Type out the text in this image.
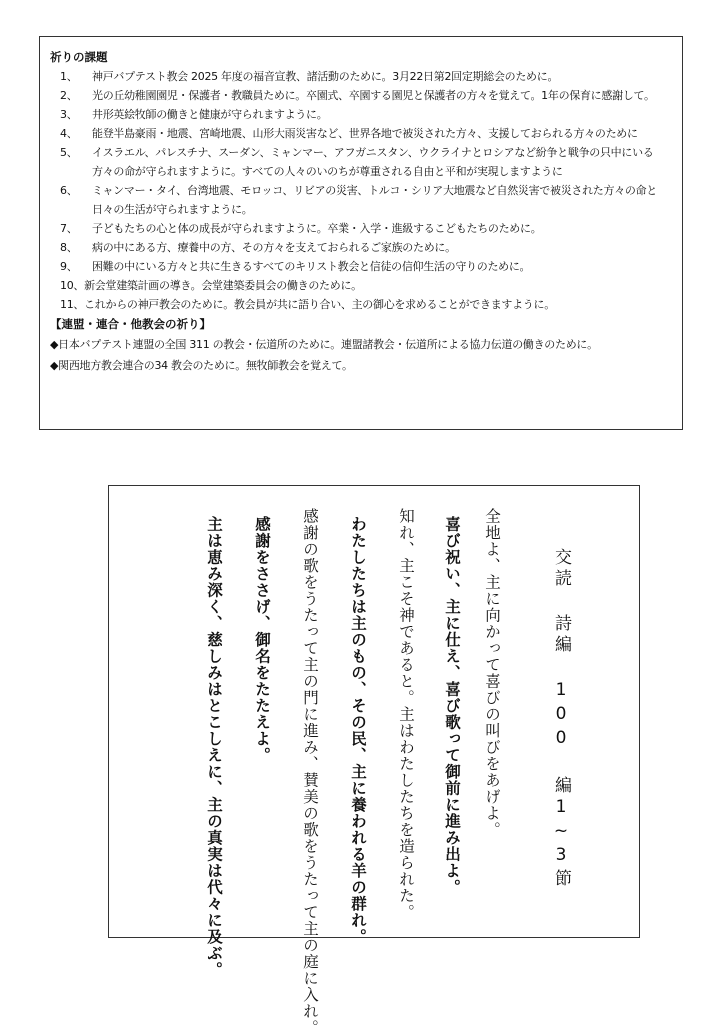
祈りの課題
1、	神戸バプテスト教会 2025 年度の福音宣教、諸活動のために。3月22日第2回定期総会のために。
2、	光の丘幼稚園園児・保護者・教職員ために。卒園式、卒園する園児と保護者の方々を覚えて。1年の保育に感謝して。
3、	井形英絵牧師の働きと健康が守られますように。
4、	能登半島豪雨・地震、宮崎地震、山形大雨災害など、世界各地で被災された方々、支援しておられる方々のために
5、	イスラエル、パレスチナ、スーダン、ミャンマー、アフガニスタン、ウクライナとロシアなど紛争と戦争の只中にいる
方々の命が守られますように。すべての人々のいのちが尊重される自由と平和が実現しますように
6、	ミャンマー・タイ、台湾地震、モロッコ、リビアの災害、トルコ・シリア大地震など自然災害で被災された方々の命と
日々の生活が守られますように。
7、	子どもたちの心と体の成長が守られますように。卒業・入学・進級するこどもたちのために。
8、	病の中にある方、療養中の方、その方々を支えておられるご家族のために。
9、	困難の中にいる方々と共に生きるすべてのキリスト教会と信徒の信仰生活の守りのために。
10、新会堂建築計画の導き。会堂建築委員会の働きのために。
11、これからの神戸教会のために。教会員が共に語り合い、主の御心を求めることができますように。
【連盟・連合・他教会の祈り】
◆日本バプテスト連盟の全国 311 の教会・伝道所のために。連盟諸教会・伝道所による協力伝道の働きのために。
◆関西地方教会連合の34 教会のために。無牧師教会を覚えて。
交読 詩編 100 編1~3節
全地よ、主に向かって喜びの叫びをあげよ。
喜び祝い、主に仕え、喜び歌って御前に進み出よ。
知れ、主こそ神であると。主はわたしたちを造られた。
わたしたちは主のもの、その民、主に養われる羊の群れ。
感謝の歌をうたって主の門に進み、賛美の歌をうたって主の庭に入れ。
感謝をささげ、御名をたたえよ。
主は恵み深く、慈しみはとこしえに、主の真実は代々に及ぶ。
